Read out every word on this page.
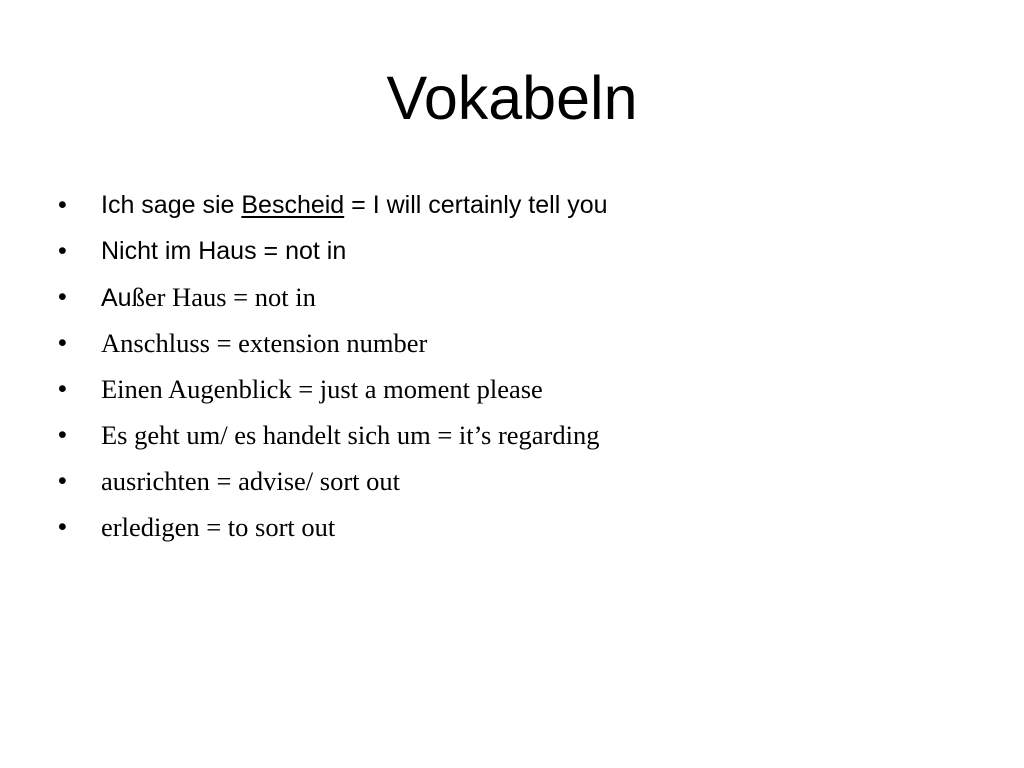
Vokabeln
• Ich sage sie Bescheid = I will certainly tell you
• Nicht im Haus = not in
• Außer Haus = not in
• Anschluss = extension number
• Einen Augenblick = just a moment please
• Es geht um/ es handelt sich um = it’s regarding
• ausrichten = advise/ sort out
• erledigen = to sort out
